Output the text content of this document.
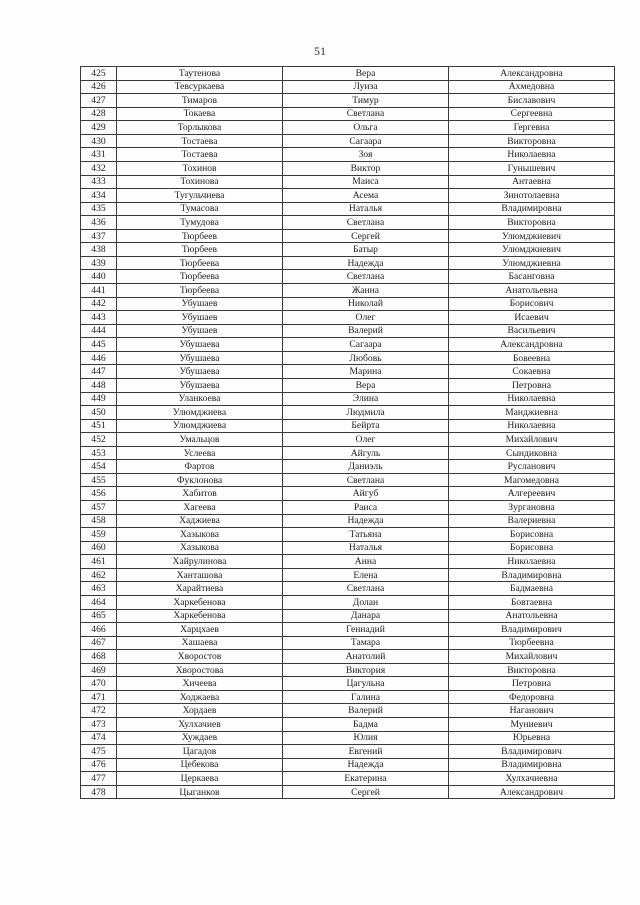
51
425	Таутенова	Вера	Александровна
426	Тевсуркаева	Луиза	Ахмедовна
427	Тимаров	Тимур	Биславович
428	Токаева	Светлана	Сергеевна
429	Торлыкова	Ольга	Гергевна
430	Тостаева	Сагаара	Викторовна
431	Тостаева	Зоя	Николаевна
432	Тохинов	Виктор	Гунышевич
433	Тохинова	Маиса	Антаевна
434	Тугульчиева	Асема	Зинотолаевна
435	Тумасова	Наталья	Владимировна
436	Тумудова	Светлана	Викторовна
437	Тюрбеев	Сергей	Улюмджиевич
438	Тюрбеев	Батыр	Улюмджиевич
439	Тюрбеева	Надежда	Улюмджиевна
440	Тюрбеева	Светлана	Басанговна
441	Тюрбеева	Жанна	Анатольевна
442	Убушаев	Николай	Борисович
443	Убушаев	Олег	Исаевич
444	Убушаев	Валерий	Васильевич
445	Убушаева	Сагаара	Александровна
446	Убушаева	Любовь	Бовеевна
447	Убушаева	Марина	Сокаевна
448	Убушаева	Вера	Петровна
449	Уланкоева	Элина	Николаевна
450	Улюмджиева	Людмила	Манджиевна
451	Улюмджиева	Бейрта	Николаевна
452	Умальцов	Олег	Михайлович
453	Услеева	Айгуль	Сындиковна
454	Фартов	Даниэль	Русланович
455	Фуклонова	Светлана	Магомедовна
456	Хабитов	Айгуб	Алгереевич
457	Хагеева	Раиса	Зургановна
458	Хаджиева	Надежда	Валериевна
459	Хазыкова	Татьяна	Борисовна
460	Хазыкова	Наталья	Борисовна
461	Хайрулинова	Анна	Николаевна
462	Ханташова	Елена	Владимировна
463	Харайтиева	Светлана	Бадмаевна
464	Харкебенова	Долан	Бовтаевна
465	Харкебенова	Данара	Анатольевна
466	Харцхаев	Геннадий	Владимирович
467	Хашаева	Тамара	Тюрбеевна
468	Хворостов	Анатолий	Михайлович
469	Хворостова	Виктория	Викторовна
470	Хичеева	Цагульна	Петровна
471	Ходжаева	Галина	Федоровна
472	Хордаев	Валерий	Наганович
473	Хулхачиев	Бадма	Муниевич
474	Хуждаев	Юлия	Юрьевна
475	Цагадов	Евгений	Владимирович
476	Цебекова	Надежда	Владимировна
477	Церкаева	Екатерина	Хулхачиевна
478	Цыганков	Сергей	Александрович
